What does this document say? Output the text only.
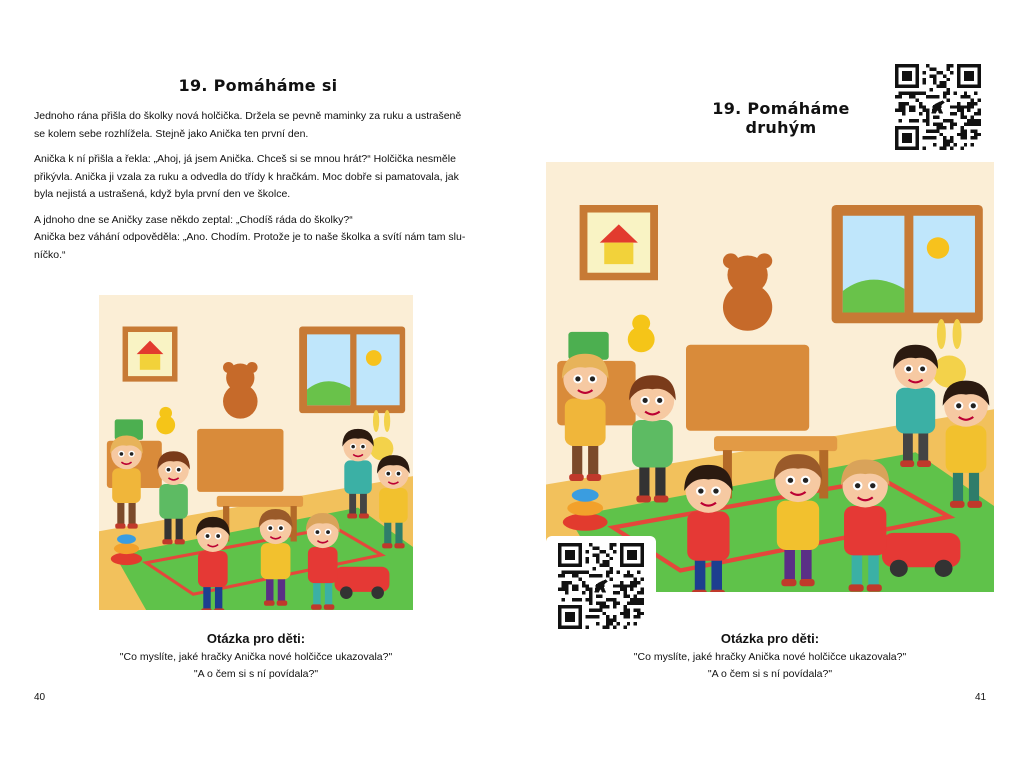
19. Pomáháme si

Jednoho rána přišla do školky nová holčička. Držela se pevně maminky za ruku a ustrašeně
se kolem sebe rozhlížela. Stejně jako Anička ten první den.

Anička k ní přišla a řekla: „Ahoj, já jsem Anička. Chceš si se mnou hrát?“ Holčička nesměle
přikývla. Anička ji vzala za ruku a odvedla do třídy k hračkám. Moc dobře si pamatovala, jak
byla nejistá a ustrašená, když byla první den ve školce.

A jdnoho dne se Aničky zase někdo zeptal: „Chodíš ráda do školky?“
Anička bez váhání odpověděla: „Ano. Chodím. Protože je to naše školka a svítí nám tam slu-
níčko.“

Otázka pro děti:
"Co myslíte, jaké hračky Anička nové holčičce ukazovala?"
"A o čem si s ní povídala?"
40
19. Pomáháme druhým
Otázka pro děti:
"Co myslíte, jaké hračky Anička nové holčičce ukazovala?"
"A o čem si s ní povídala?"
41
